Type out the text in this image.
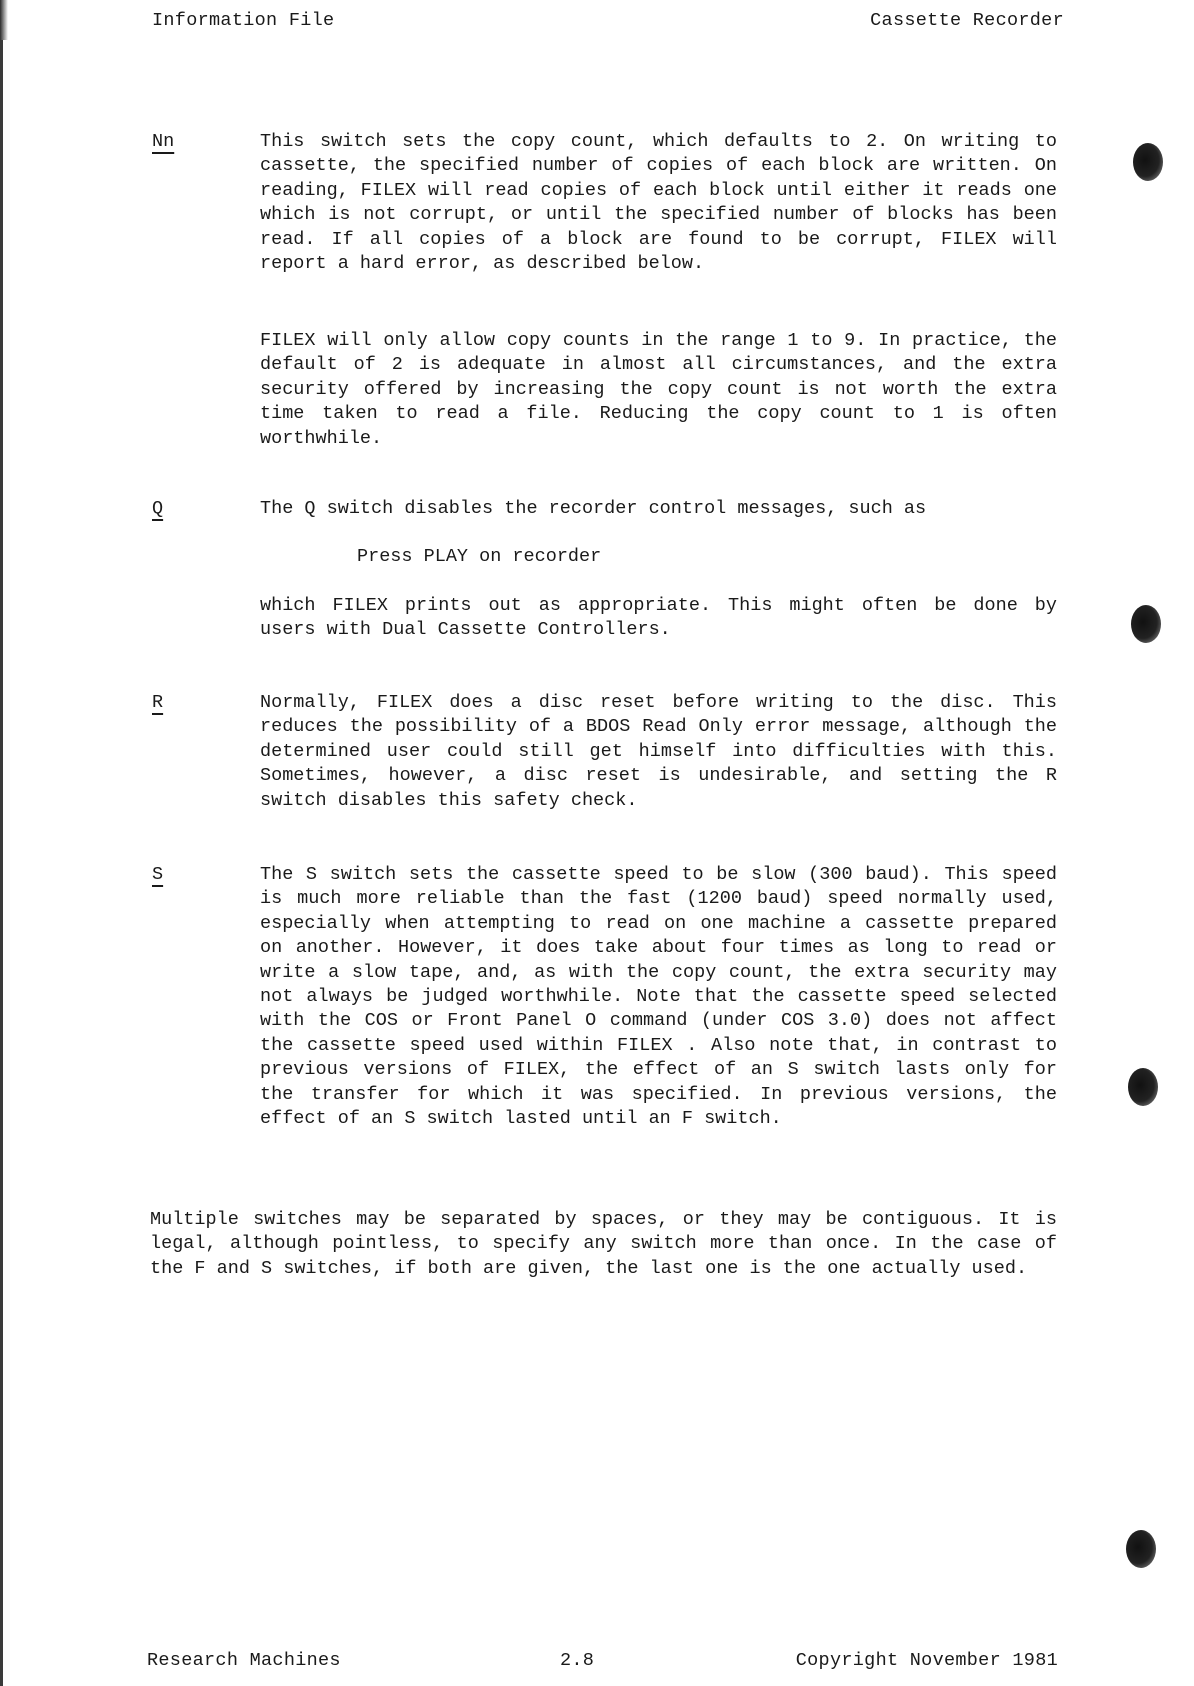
Information File	Cassette Recorder
Nn	This switch sets the copy count, which defaults to 2. On writing to cassette, the specified number of copies of each block are written. On reading, FILEX will read copies of each block until either it reads one which is not corrupt, or until the specified number of blocks has been read. If all copies of a block are found to be corrupt, FILEX will report a hard error, as described below.
FILEX will only allow copy counts in the range 1 to 9. In practice, the default of 2 is adequate in almost all circumstances, and the extra security offered by increasing the copy count is not worth the extra time taken to read a file. Reducing the copy count to 1 is often worthwhile.
Q	The Q switch disables the recorder control messages, such as
Press PLAY on recorder
which FILEX prints out as appropriate. This might often be done by users with Dual Cassette Controllers.
R	Normally, FILEX does a disc reset before writing to the disc. This reduces the possibility of a BDOS Read Only error message, although the determined user could still get himself into difficulties with this. Sometimes, however, a disc reset is undesirable, and setting the R switch disables this safety check.
S	The S switch sets the cassette speed to be slow (300 baud). This speed is much more reliable than the fast (1200 baud) speed normally used, especially when attempting to read on one machine a cassette prepared on another. However, it does take about four times as long to read or write a slow tape, and, as with the copy count, the extra security may not always be judged worthwhile. Note that the cassette speed selected with the COS or Front Panel O command (under COS 3.0) does not affect the cassette speed used within FILEX . Also note that, in contrast to previous versions of FILEX, the effect of an S switch lasts only for the transfer for which it was specified. In previous versions, the effect of an S switch lasted until an F switch.
Multiple switches may be separated by spaces, or they may be contiguous. It is legal, although pointless, to specify any switch more than once. In the case of the F and S switches, if both are given, the last one is the one actually used.
Research Machines	2.8	Copyright November 1981
